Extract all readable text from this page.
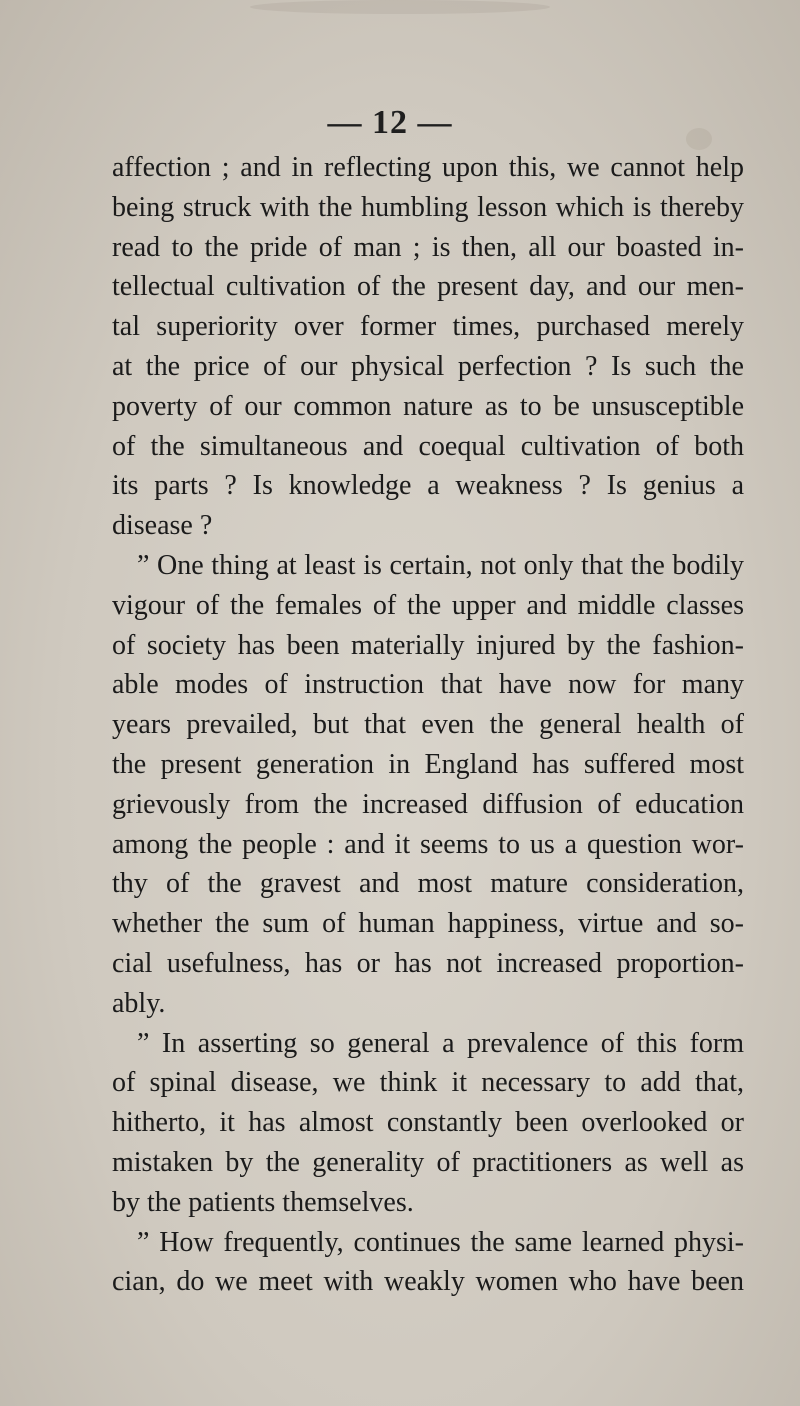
— 12 —
affection ; and in reflecting upon this, we cannot help
being struck with the humbling lesson which is thereby
read to the pride of man ; is then, all our boasted in-
tellectual cultivation of the present day, and our men-
tal superiority over former times, purchased merely
at the price of our physical perfection ? Is such the
poverty of our common nature as to be unsusceptible
of the simultaneous and coequal cultivation of both
its parts ? Is knowledge a weakness ? Is genius a
disease ?
” One thing at least is certain, not only that the bodily
vigour of the females of the upper and middle classes
of society has been materially injured by the fashion-
able modes of instruction that have now for many
years prevailed, but that even the general health of
the present generation in England has suffered most
grievously from the increased diffusion of education
among the people : and it seems to us a question wor-
thy of the gravest and most mature consideration,
whether the sum of human happiness, virtue and so-
cial usefulness, has or has not increased proportion-
ably.
” In asserting so general a prevalence of this form
of spinal disease, we think it necessary to add that,
hitherto, it has almost constantly been overlooked or
mistaken by the generality of practitioners as well as
by the patients themselves.
” How frequently, continues the same learned physi-
cian, do we meet with weakly women who have been
